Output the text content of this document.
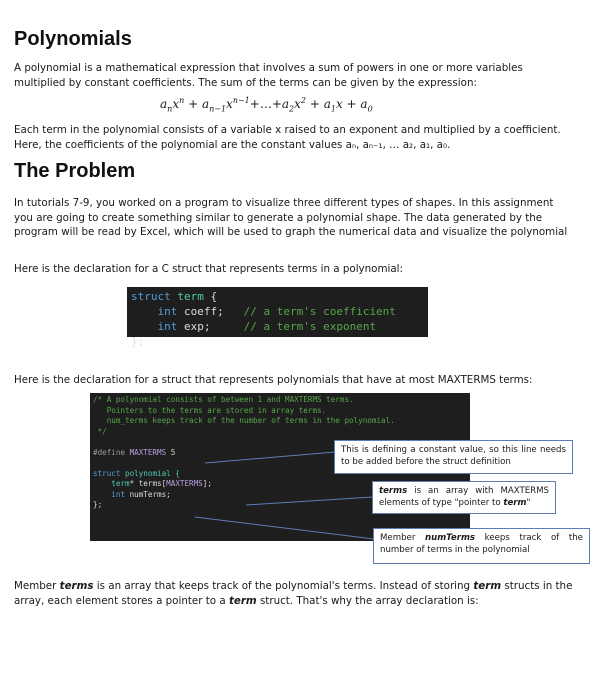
Polynomials
A polynomial is a mathematical expression that involves a sum of powers in one or more variables multiplied by constant coefficients. The sum of the terms can be given by the expression:
$a_nx^n$ + $a_{n-1}x^{n-1}+\dots+a_2x^2 + a_1x + a_0$
Each term in the polynomial consists of a variable x raised to an exponent and multiplied by a coefficient. Here, the coefficients of the polynomial are the constant values aₙ, aₙ₋₁, … a₂, a₁, a₀.
The Problem
In tutorials 7-9, you worked on a program to visualize three different types of shapes. In this assignment you are going to create something similar to generate a polynomial shape. The data generated by the program will be read by Excel, which will be used to graph the numerical data and visualize the polynomial
Here is the declaration for a C struct that represents terms in a polynomial:
struct term {
int coeff; // a term's coefficient
int exp;	// a term's exponent
};
Here is the declaration for a struct that represents polynomials that have at most MAXTERMS terms:
/* A polynomial consists of between 1 and MAXTERMS terms.
Pointers to the terms are stored in array terms.
num_terms keeps track of the number of terms in the polynomial.
*/

#define MAXTERMS 5

struct polynomial {
term* terms[MAXTERMS];
int numTerms;
};
This is defining a constant value, so this line needs to be added before the struct definition
terms is an array with MAXTERMS elements of type "pointer to term"
Member numTerms keeps track of the number of terms in the polynomial
Member terms is an array that keeps track of the polynomial's terms. Instead of storing term structs in the array, each element stores a pointer to a term struct. That's why the array declaration is:
